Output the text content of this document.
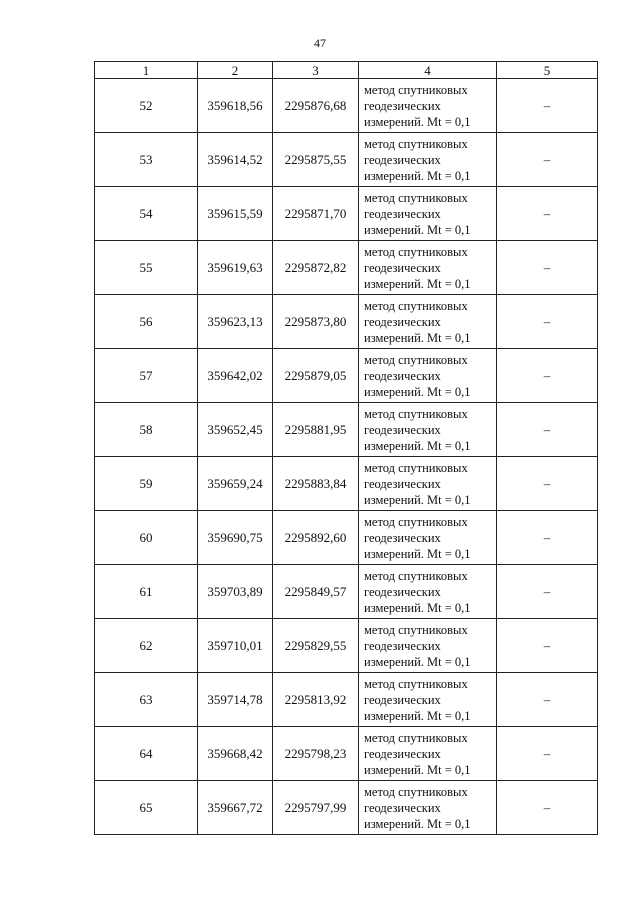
47
1	2	3	4	5
52	359618,56	2295876,68	метод спутниковых
геодезических
измерений. Mt = 0,1	–
53	359614,52	2295875,55	метод спутниковых
геодезических
измерений. Mt = 0,1	–
54	359615,59	2295871,70	метод спутниковых
геодезических
измерений. Mt = 0,1	–
55	359619,63	2295872,82	метод спутниковых
геодезических
измерений. Mt = 0,1	–
56	359623,13	2295873,80	метод спутниковых
геодезических
измерений. Mt = 0,1	–
57	359642,02	2295879,05	метод спутниковых
геодезических
измерений. Mt = 0,1	–
58	359652,45	2295881,95	метод спутниковых
геодезических
измерений. Mt = 0,1	–
59	359659,24	2295883,84	метод спутниковых
геодезических
измерений. Mt = 0,1	–
60	359690,75	2295892,60	метод спутниковых
геодезических
измерений. Mt = 0,1	–
61	359703,89	2295849,57	метод спутниковых
геодезических
измерений. Mt = 0,1	–
62	359710,01	2295829,55	метод спутниковых
геодезических
измерений. Mt = 0,1	–
63	359714,78	2295813,92	метод спутниковых
геодезических
измерений. Mt = 0,1	–
64	359668,42	2295798,23	метод спутниковых
геодезических
измерений. Mt = 0,1	–
65	359667,72	2295797,99	метод спутниковых
геодезических
измерений. Mt = 0,1	–
